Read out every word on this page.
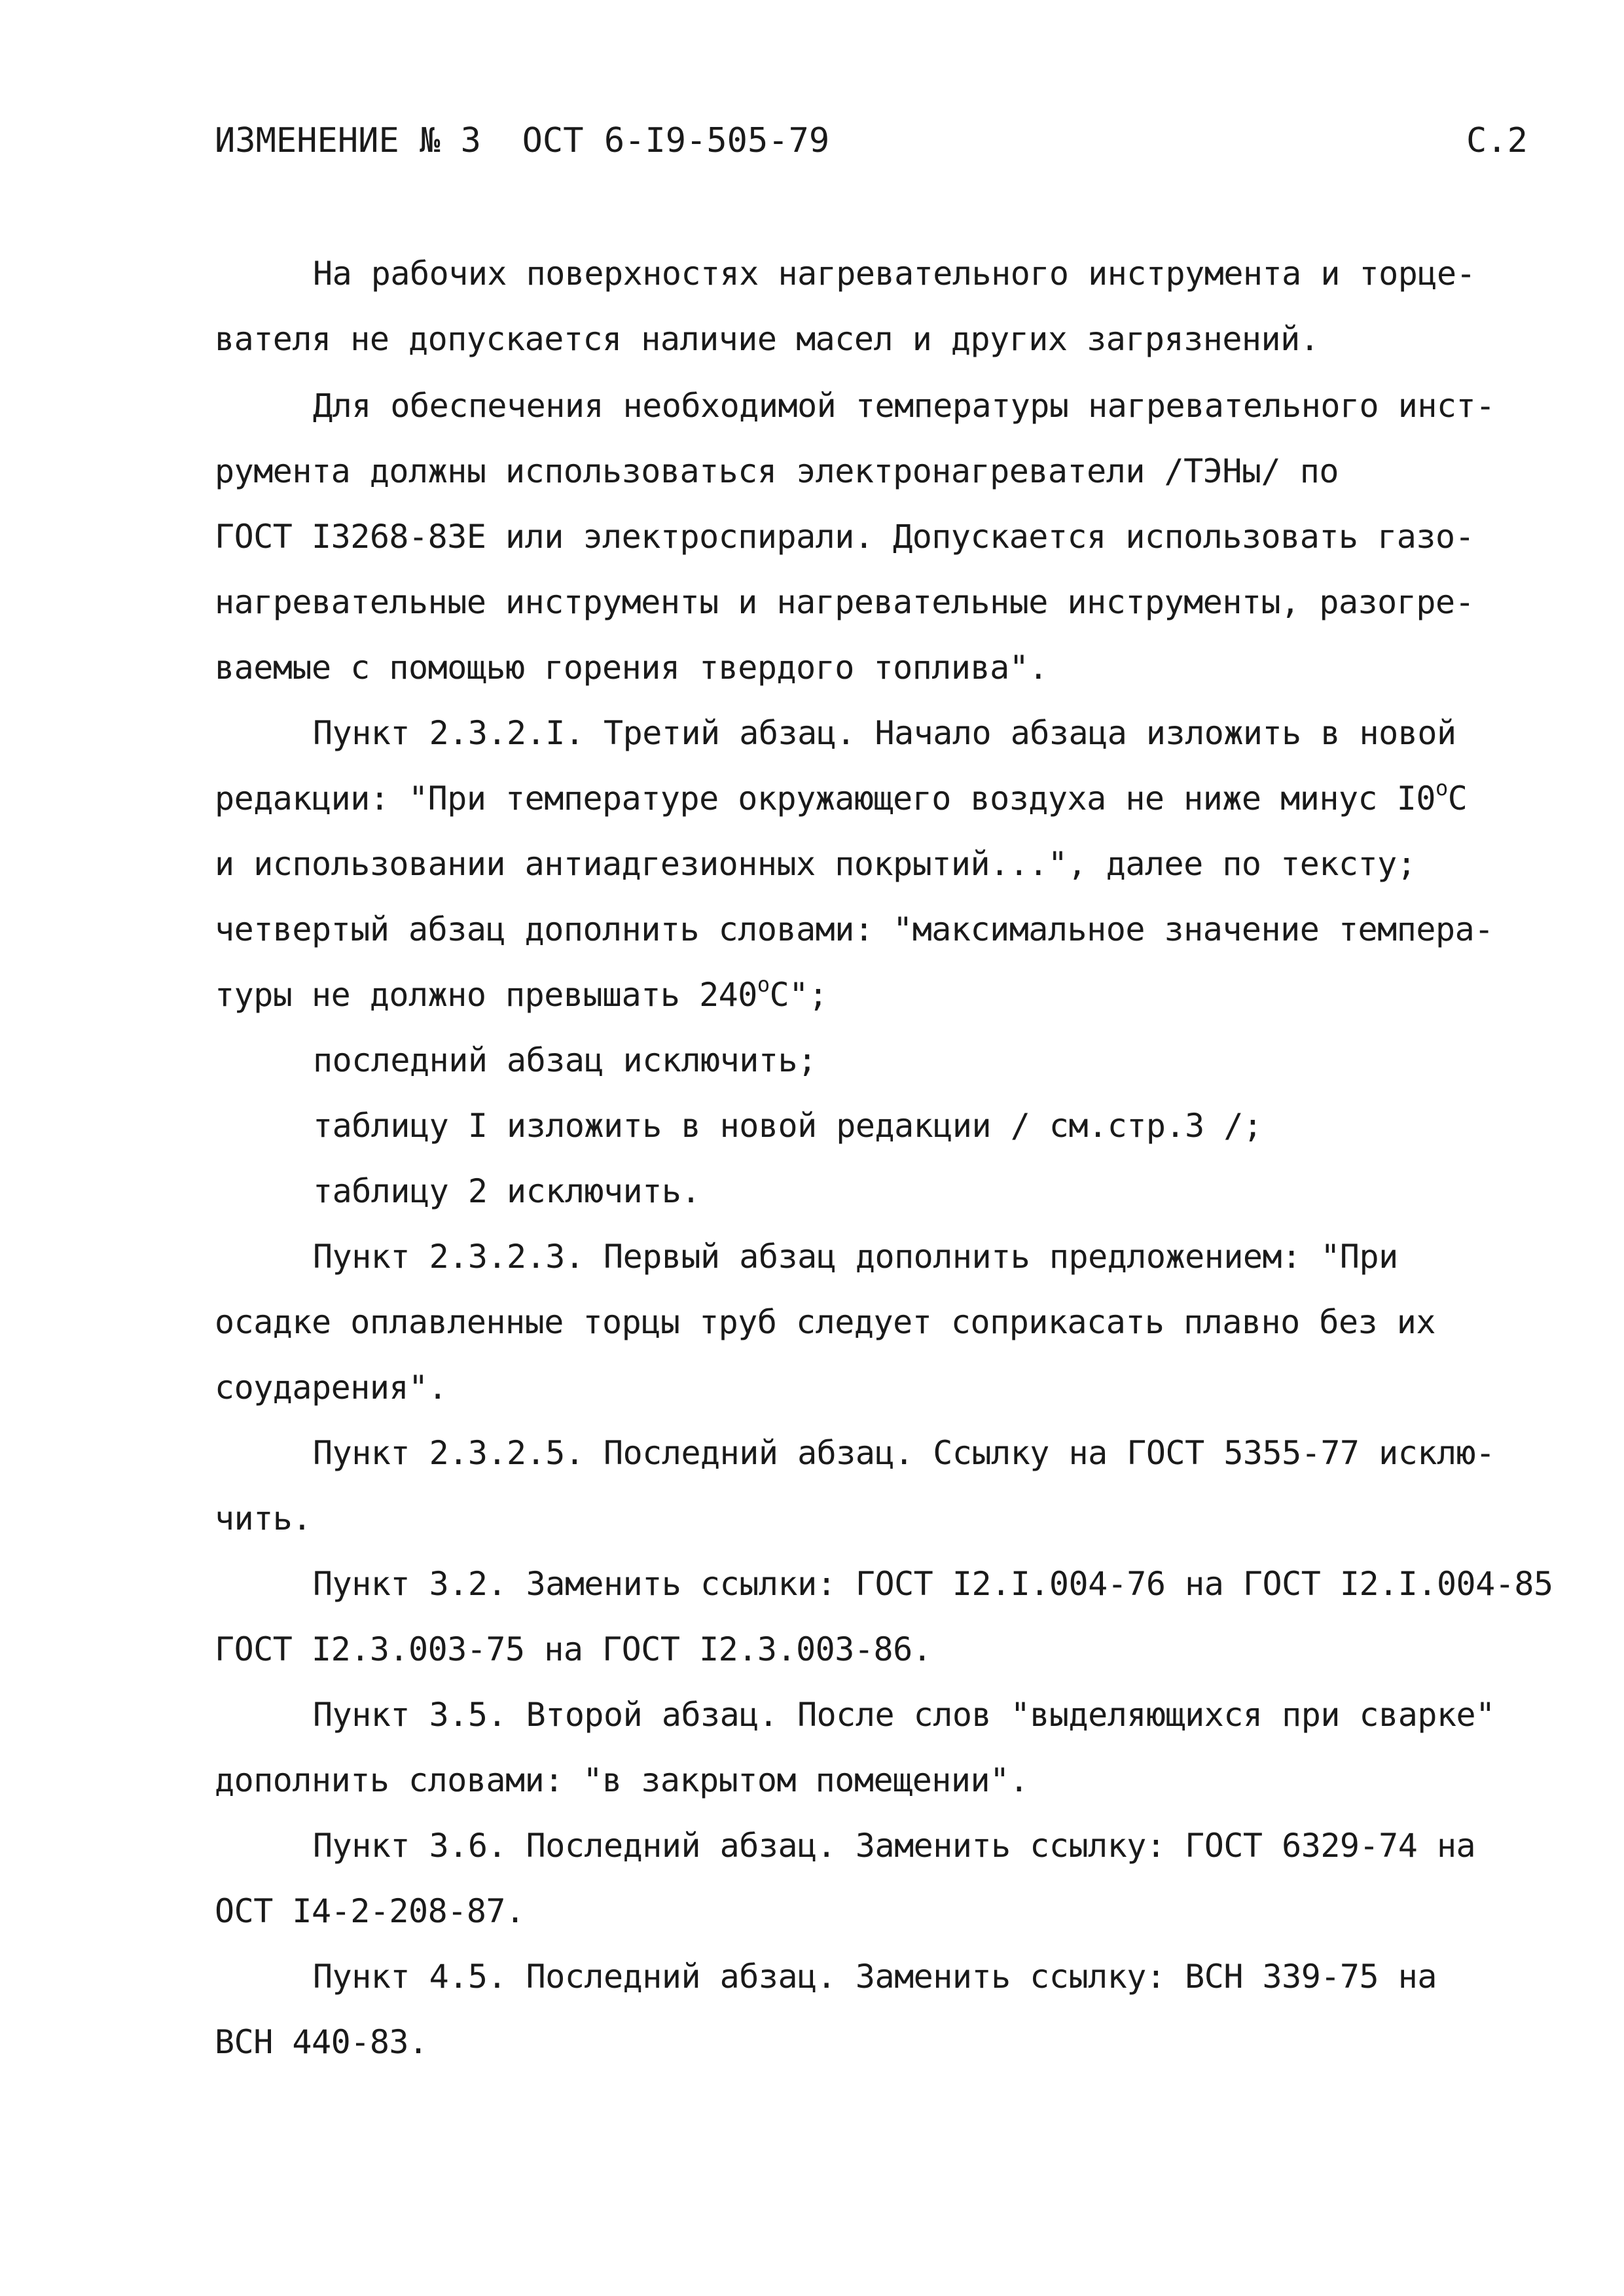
ИЗМЕНЕНИЕ № 3  ОСТ 6-I9-505-79	С.2
На рабочих поверхностях нагревательного инструмента и торце-
вателя не допускается наличие масел и других загрязнений.
Для обеспечения необходимой температуры нагревательного инст-
румента должны использоваться электронагреватели /ТЭНы/ по
ГОСТ I3268-83Е или электроспирали. Допускается использовать газо-
нагревательные инструменты и нагревательные инструменты, разогре-
ваемые с помощью горения твердого топлива".
Пункт 2.3.2.I. Третий абзац. Начало абзаца изложить в новой
редакции: "При температуре окружающего воздуха не ниже минус $I0^оС$
и использовании антиадгезионных покрытий...", далее по тексту;
четвертый абзац дополнить словами: "максимальное значение темпера-
туры не должно превышать $240^оС$";
последний абзац исключить;
таблицу I изложить в новой редакции / см.стр.3 /;
таблицу 2 исключить.
Пункт 2.3.2.3. Первый абзац дополнить предложением: "При
осадке оплавленные торцы труб следует соприкасать плавно без их
соударения".
Пункт 2.3.2.5. Последний абзац. Ссылку на ГОСТ 5355-77 исклю-
чить.
Пункт 3.2. Заменить ссылки: ГОСТ I2.I.004-76 на ГОСТ I2.I.004-85
ГОСТ I2.3.003-75 на ГОСТ I2.3.003-86.
Пункт 3.5. Второй абзац. После слов "выделяющихся при сварке"
дополнить словами: "в закрытом помещении".
Пункт 3.6. Последний абзац. Заменить ссылку: ГОСТ 6329-74 на
ОСТ I4-2-208-87.
Пункт 4.5. Последний абзац. Заменить ссылку: ВСН 339-75 на
ВСН 440-83.
